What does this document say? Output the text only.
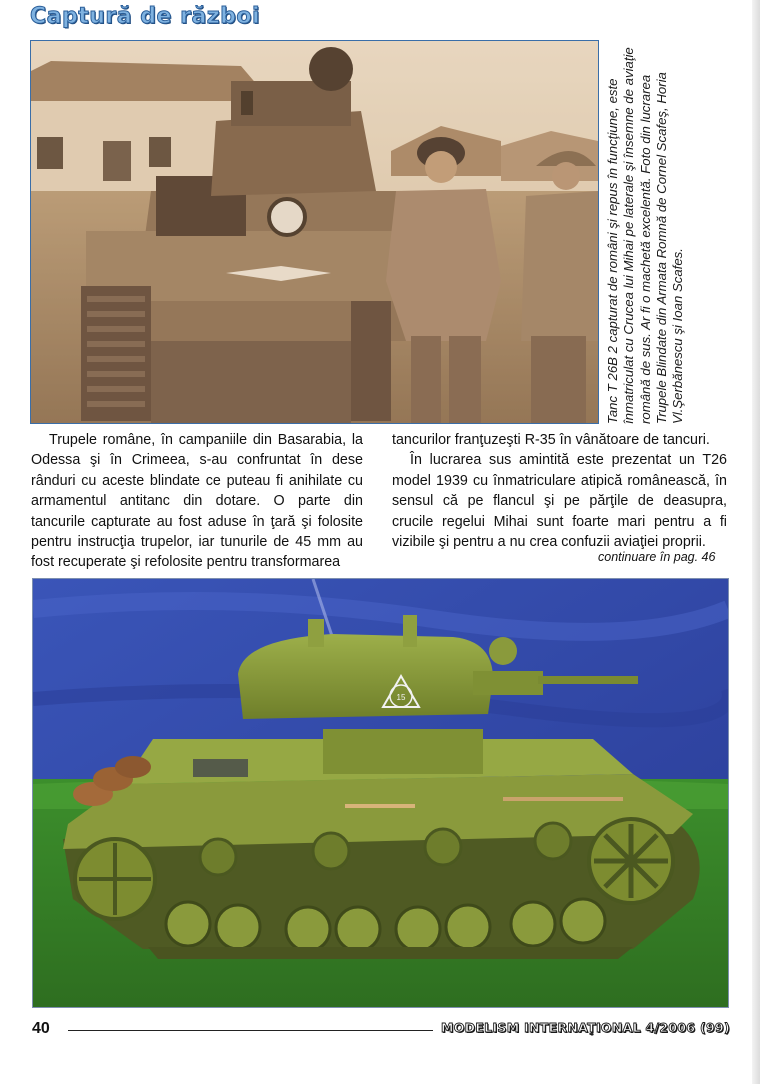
Captură de război

Tanc T 26B 2 capturat de români şi repus în funcţiune, este înmatriculat cu Crucea lui Mihai pe laterale şi însemne de aviaţie română de sus. Ar fi o machetă excelentă. Foto din lucrarea Trupele Blindate din Armata Romnă de Cornel Scafeş, Horia Vl.Şerbănescu şi Ioan Scafes.

Trupele române, în campaniile din Basarabia, la Odessa şi în Crimeea, s-au confruntat în dese rânduri cu aceste blindate ce puteau fi anihilate cu armamentul antitanc din dotare. O parte din tancurile capturate au fost aduse în ţară şi folosite pentru instrucţia trupelor, iar tunurile de 45 mm au fost recuperate şi refolosite pentru transformarea

tancurilor franţuzeşti R-35 în vânătoare de tancuri.

În lucrarea sus amintită este prezentat un T26 model 1939 cu înmatriculare atipică românească, în sensul că pe flancul şi pe părţile de deasupra, crucile regelui Mihai sunt foarte mari pentru a fi vizibile şi pentru a nu crea confuzii aviaţiei proprii.

continuare în pag. 46
15
40	MODELISM INTERNAŢIONAL 4/2006 (99)
